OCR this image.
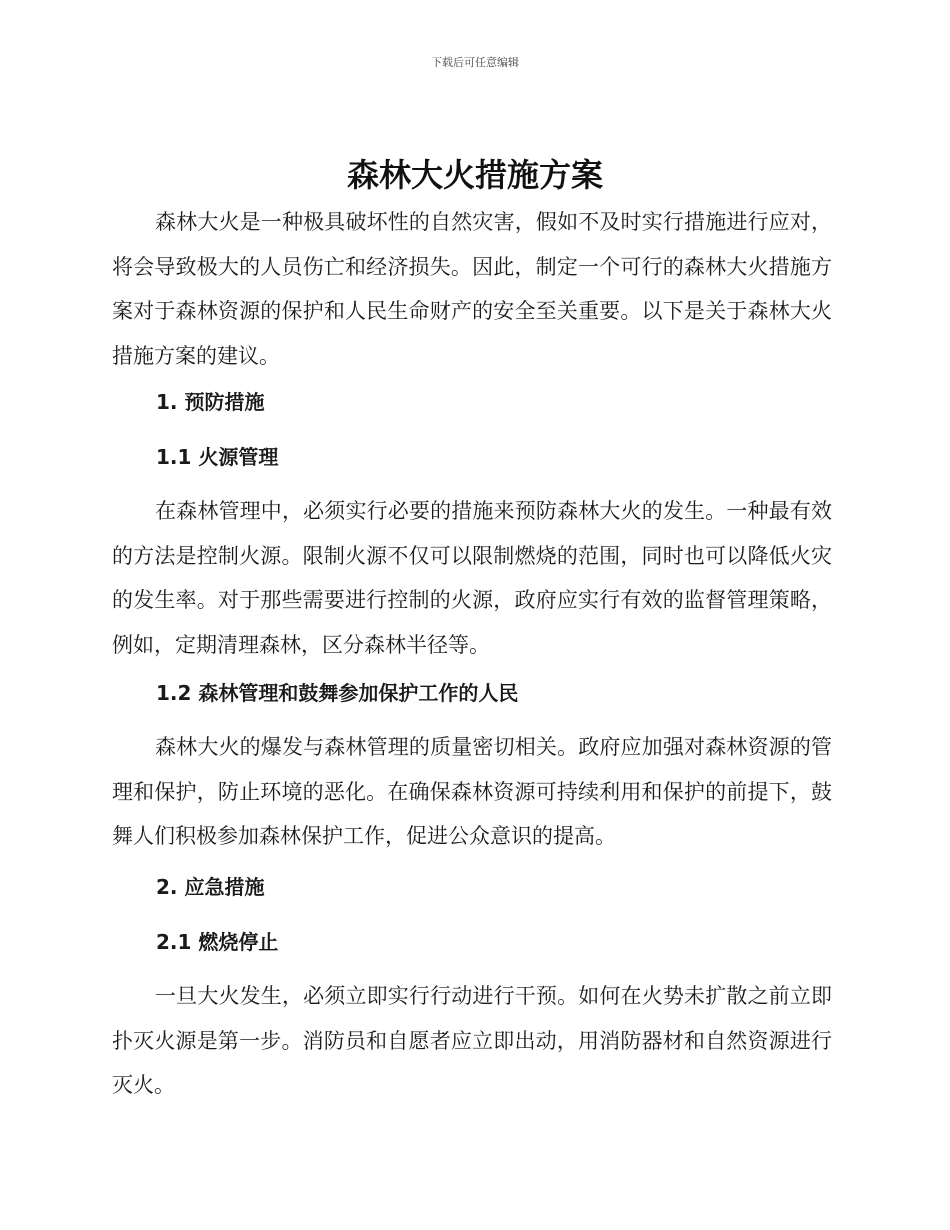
下载后可任意编辑
森林大火措施方案

森林大火是一种极具破坏性的自然灾害，假如不及时实行措施进行应对，将会导致极大的人员伤亡和经济损失。因此，制定一个可行的森林大火措施方案对于森林资源的保护和人民生命财产的安全至关重要。以下是关于森林大火措施方案的建议。

1. 预防措施
1.1 火源管理

在森林管理中，必须实行必要的措施来预防森林大火的发生。一种最有效的方法是控制火源。限制火源不仅可以限制燃烧的范围，同时也可以降低火灾的发生率。对于那些需要进行控制的火源，政府应实行有效的监督管理策略，例如，定期清理森林，区分森林半径等。

1.2 森林管理和鼓舞参加保护工作的人民

森林大火的爆发与森林管理的质量密切相关。政府应加强对森林资源的管理和保护，防止环境的恶化。在确保森林资源可持续利用和保护的前提下，鼓舞人们积极参加森林保护工作，促进公众意识的提高。

2. 应急措施
2.1 燃烧停止

一旦大火发生，必须立即实行行动进行干预。如何在火势未扩散之前立即扑灭火源是第一步。消防员和自愿者应立即出动，用消防器材和自然资源进行灭火。
